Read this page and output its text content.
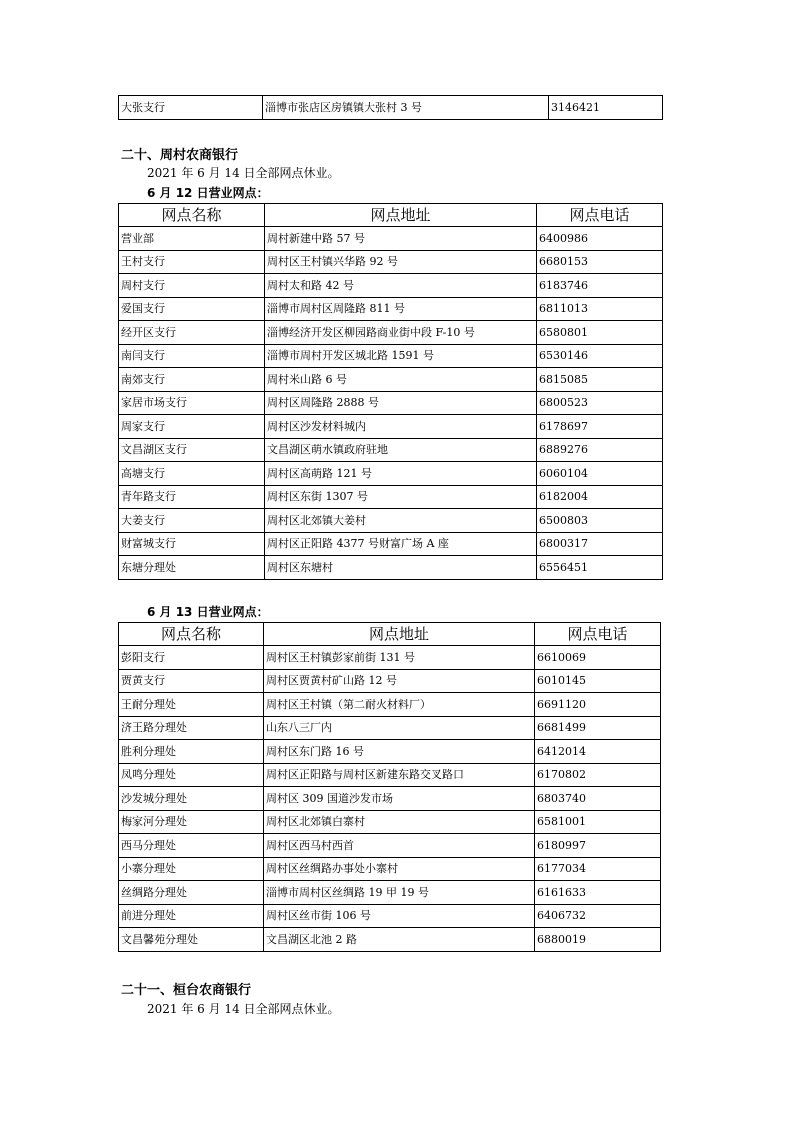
大张支行	淄博市张店区房镇镇大张村 3 号	3146421
二十、周村农商银行
2021 年 6 月 14 日全部网点休业。
6 月 12 日营业网点：
网点名称	网点地址	网点电话
营业部	周村新建中路 57 号	6400986
王村支行	周村区王村镇兴华路 92 号	6680153
周村支行	周村太和路 42 号	6183746
爱国支行	淄博市周村区周隆路 811 号	6811013
经开区支行	淄博经济开发区柳园路商业街中段 F-10 号	6580801
南闫支行	淄博市周村开发区城北路 1591 号	6530146
南郊支行	周村米山路 6 号	6815085
家居市场支行	周村区周隆路 2888 号	6800523
周家支行	周村区沙发材料城内	6178697
文昌湖区支行	文昌湖区萌水镇政府驻地	6889276
高塘支行	周村区高萌路 121 号	6060104
青年路支行	周村区东街 1307 号	6182004
大姜支行	周村区北郊镇大姜村	6500803
财富城支行	周村区正阳路 4377 号财富广场 A 座	6800317
东塘分理处	周村区东塘村	6556451
6 月 13 日营业网点：
网点名称	网点地址	网点电话
彭阳支行	周村区王村镇彭家前街 131 号	6610069
贾黄支行	周村区贾黄村矿山路 12 号	6010145
王耐分理处	周村区王村镇（第二耐火材料厂）	6691120
济王路分理处	山东八三厂内	6681499
胜利分理处	周村区东门路 16 号	6412014
凤鸣分理处	周村区正阳路与周村区新建东路交叉路口	6170802
沙发城分理处	周村区 309 国道沙发市场	6803740
梅家河分理处	周村区北郊镇白寨村	6581001
西马分理处	周村区西马村西首	6180997
小寨分理处	周村区丝绸路办事处小寨村	6177034
丝绸路分理处	淄博市周村区丝绸路 19 甲 19 号	6161633
前进分理处	周村区丝市街 106 号	6406732
文昌馨苑分理处	文昌湖区北池 2 路	6880019
二十一、桓台农商银行
2021 年 6 月 14 日全部网点休业。
